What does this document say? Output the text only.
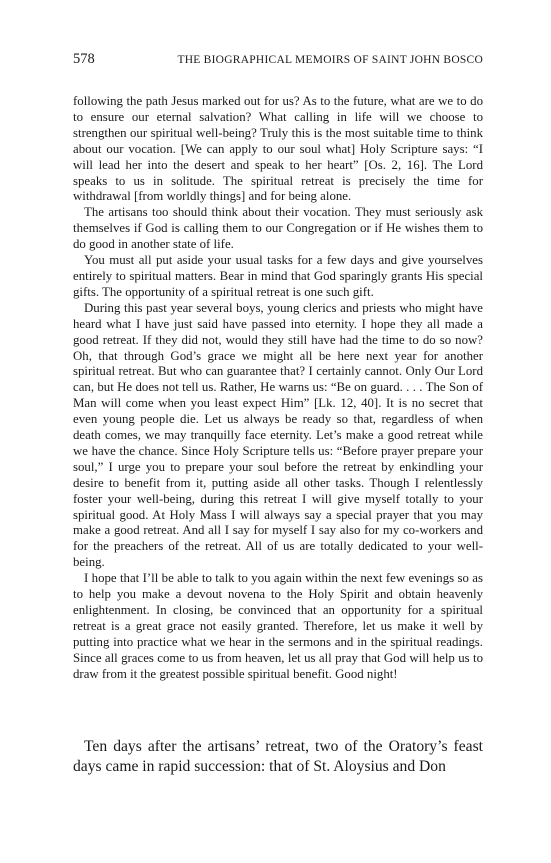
578	THE BIOGRAPHICAL MEMOIRS OF SAINT JOHN BOSCO

following the path Jesus marked out for us? As to the future, what are we to do to ensure our eternal salvation? What calling in life will we choose to strengthen our spiritual well-being? Truly this is the most suitable time to think about our vocation. [We can apply to our soul what] Holy Scripture says: “I will lead her into the desert and speak to her heart” [Os. 2, 16]. The Lord speaks to us in solitude. The spiritual retreat is precisely the time for withdrawal [from worldly things] and for being alone.

The artisans too should think about their vocation. They must seriously ask themselves if God is calling them to our Congregation or if He wishes them to do good in another state of life.

You must all put aside your usual tasks for a few days and give yourselves entirely to spiritual matters. Bear in mind that God sparingly grants His special gifts. The opportunity of a spiritual retreat is one such gift.

During this past year several boys, young clerics and priests who might have heard what I have just said have passed into eternity. I hope they all made a good retreat. If they did not, would they still have had the time to do so now? Oh, that through God’s grace we might all be here next year for another spiritual retreat. But who can guarantee that? I certainly cannot. Only Our Lord can, but He does not tell us. Rather, He warns us: “Be on guard. . . . The Son of Man will come when you least expect Him” [Lk. 12, 40]. It is no secret that even young people die. Let us always be ready so that, regardless of when death comes, we may tranquilly face eternity. Let’s make a good retreat while we have the chance. Since Holy Scripture tells us: “Before prayer prepare your soul,” I urge you to prepare your soul before the retreat by enkindling your desire to benefit from it, putting aside all other tasks. Though I relentlessly foster your well-being, during this retreat I will give myself totally to your spiritual good. At Holy Mass I will always say a special prayer that you may make a good retreat. And all I say for myself I say also for my co-workers and for the preachers of the retreat. All of us are totally dedicated to your well-being.

I hope that I’ll be able to talk to you again within the next few evenings so as to help you make a devout novena to the Holy Spirit and obtain heavenly enlightenment. In closing, be convinced that an opportunity for a spiritual retreat is a great grace not easily granted. Therefore, let us make it well by putting into practice what we hear in the sermons and in the spiritual readings. Since all graces come to us from heaven, let us all pray that God will help us to draw from it the greatest possible spiritual benefit. Good night!

Ten days after the artisans’ retreat, two of the Oratory’s feast days came in rapid succession: that of St. Aloysius and Don
